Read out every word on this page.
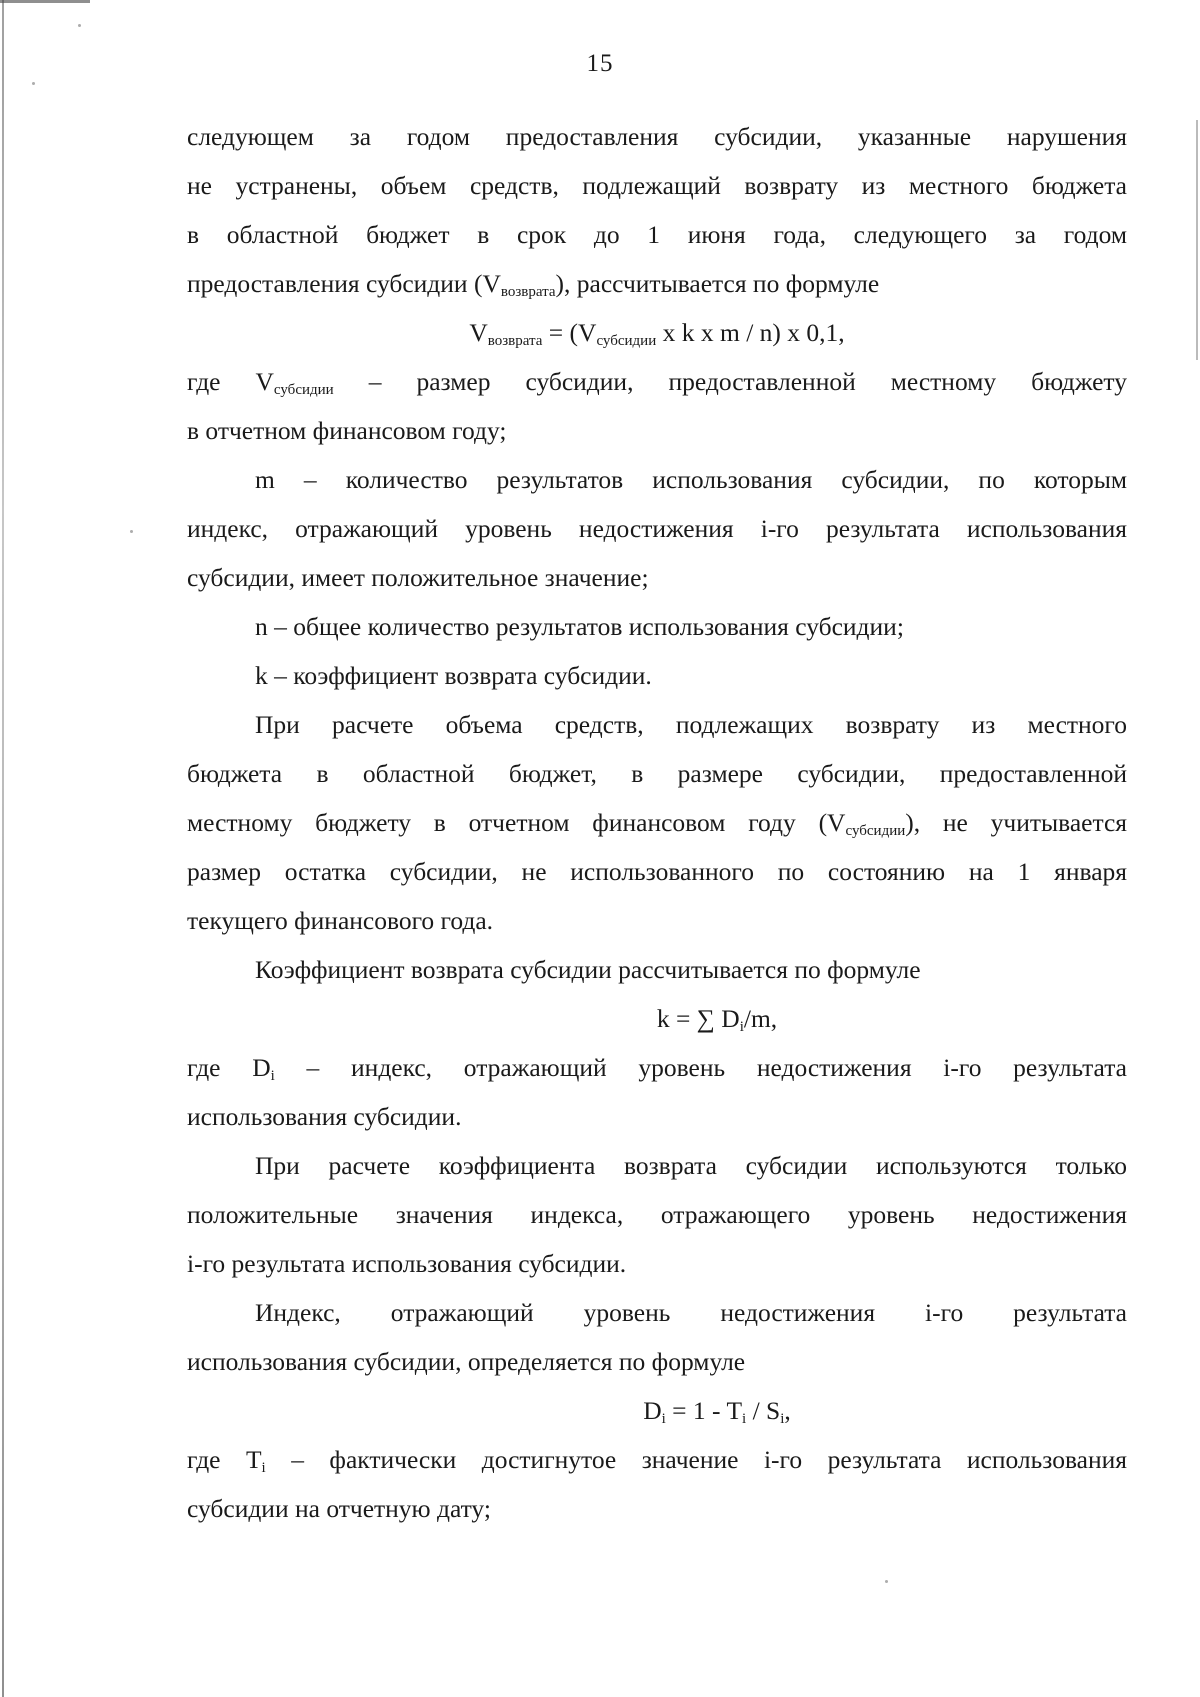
15
следующем за годом предоставления субсидии, указанные нарушения
не устранены, объем средств, подлежащий возврату из местного бюджета
в областной бюджет в срок до 1 июня года, следующего за годом
предоставления субсидии $(V_{возврата})$, рассчитывается по формуле
$V_{возврата} = (V_{субсидии}$ x k x m / n) x 0,1,
где $V_{субсидии}$ – размер субсидии, предоставленной местному бюджету
в отчетном финансовом году;
m – количество результатов использования субсидии, по которым
индекс, отражающий уровень недостижения i-го результата использования
субсидии, имеет положительное значение;
n – общее количество результатов использования субсидии;
k – коэффициент возврата субсидии.
При расчете объема средств, подлежащих возврату из местного
бюджета в областной бюджет, в размере субсидии, предоставленной
местному бюджету в отчетном финансовом году $(V_{субсидии})$, не учитывается
размер остатка субсидии, не использованного по состоянию на 1 января
текущего финансового года.
Коэффициент возврата субсидии рассчитывается по формуле
k = ∑ $D_i/m$,
где $D_i$ – индекс, отражающий уровень недостижения i-го результата
использования субсидии.
При расчете коэффициента возврата субсидии используются только
положительные значения индекса, отражающего уровень недостижения
i-го результата использования субсидии.
Индекс, отражающий уровень недостижения i-го результата
использования субсидии, определяется по формуле
$D_i = 1 - T_i / S_i$,
где $T_i$ – фактически достигнутое значение i-го результата использования
субсидии на отчетную дату;
